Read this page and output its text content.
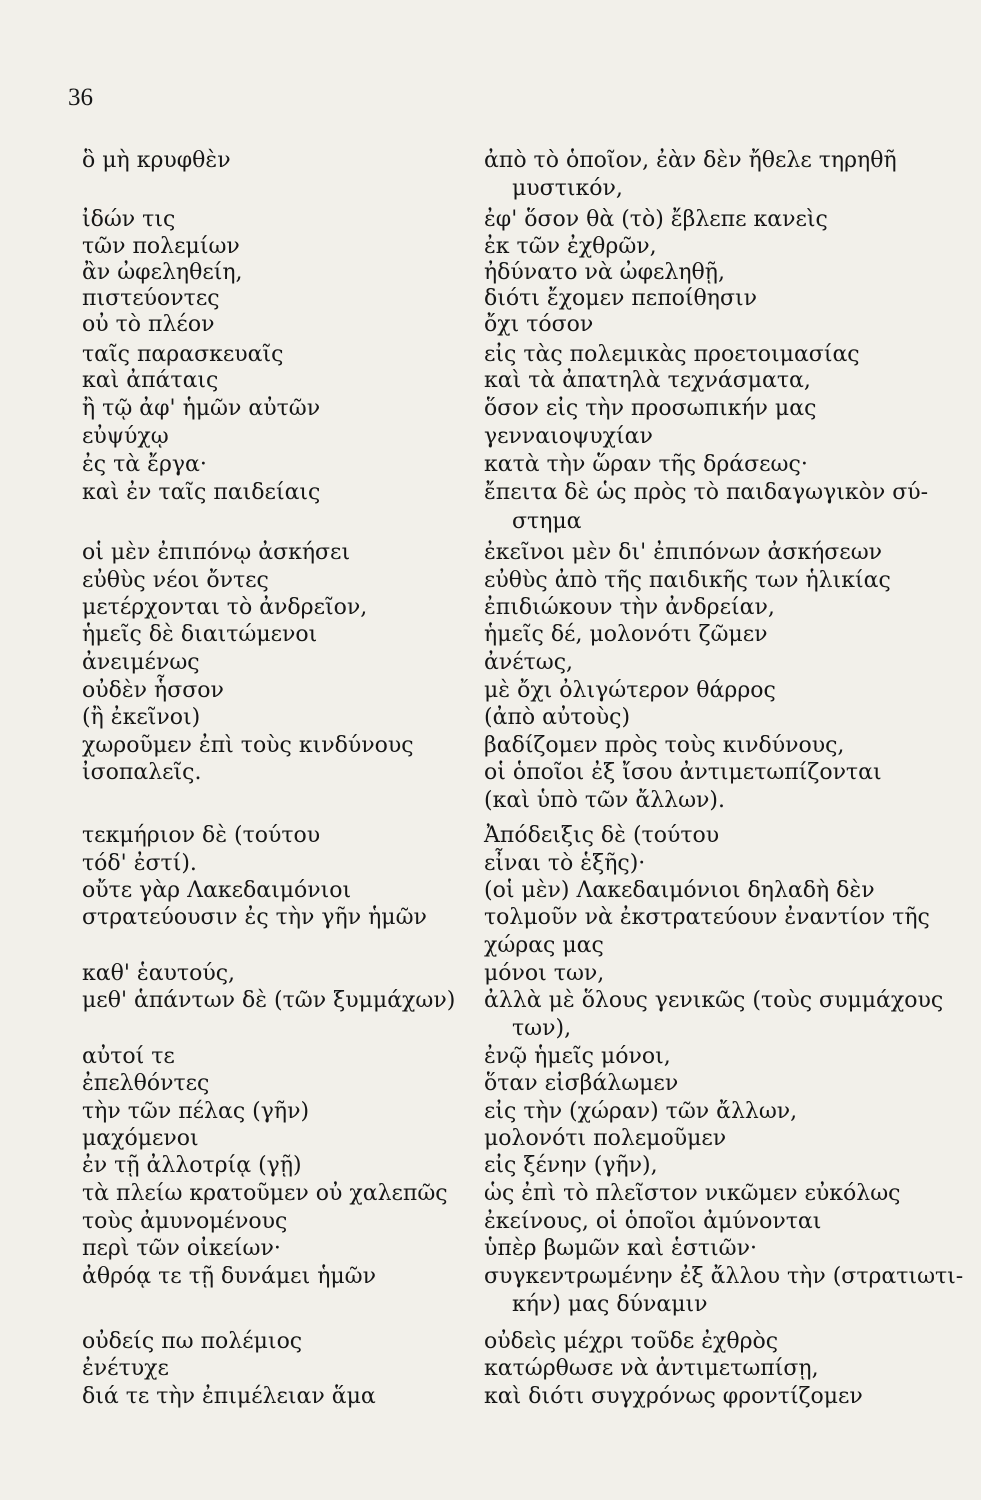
36
ὃ μὴ κρυφθὲν
ἰδών τις
τῶν πολεμίων
ἂν ὠφεληθείη,
πιστεύοντες
οὐ τὸ πλέον
ταῖς παρασκευαῖς
καὶ ἀπάταις
ἢ τῷ ἀφ' ἡμῶν αὐτῶν
εὐψύχῳ
ἐς τὰ ἔργα·
καὶ ἐν ταῖς παιδείαις
οἱ μὲν ἐπιπόνῳ ἀσκήσει
εὐθὺς νέοι ὄντες
μετέρχονται τὸ ἀνδρεῖον,
ἡμεῖς δὲ διαιτώμενοι
ἀνειμένως
οὐδὲν ἧσσον
(ἢ ἐκεῖνοι)
χωροῦμεν ἐπὶ τοὺς κινδύνους
ἰσοπαλεῖς.
τεκμήριον δὲ (τούτου
τόδ' ἐστί).
οὔτε γὰρ Λακεδαιμόνιοι
στρατεύουσιν ἐς τὴν γῆν ἡμῶν
καθ' ἑαυτούς,
μεθ' ἁπάντων δὲ (τῶν ξυμμάχων)
αὐτοί τε
ἐπελθόντες
τὴν τῶν πέλας (γῆν)
μαχόμενοι
ἐν τῇ ἀλλοτρίᾳ (γῇ)
τὰ πλείω κρατοῦμεν οὐ χαλεπῶς
τοὺς ἀμυνομένους
περὶ τῶν οἰκείων·
ἀθρόᾳ τε τῇ δυνάμει ἡμῶν
οὐδείς πω πολέμιος
ἐνέτυχε
διά τε τὴν ἐπιμέλειαν ἅμα
ἀπὸ τὸ ὁποῖον, ἐὰν δὲν ἤθελε τηρηθῆ
μυστικόν,
ἐφ' ὅσον θὰ (τὸ) ἔβλεπε κανεὶς
ἐκ τῶν ἐχθρῶν,
ἠδύνατο νὰ ὠφεληθῇ,
διότι ἔχομεν πεποίθησιν
ὄχι τόσον
εἰς τὰς πολεμικὰς προετοιμασίας
καὶ τὰ ἀπατηλὰ τεχνάσματα,
ὅσον εἰς τὴν προσωπικήν μας
γενναιοψυχίαν
κατὰ τὴν ὥραν τῆς δράσεως·
ἔπειτα δὲ ὡς πρὸς τὸ παιδαγωγικὸν σύ-
στημα
ἐκεῖνοι μὲν δι' ἐπιπόνων ἀσκήσεων
εὐθὺς ἀπὸ τῆς παιδικῆς των ἡλικίας
ἐπιδιώκουν τὴν ἀνδρείαν,
ἡμεῖς δέ, μολονότι ζῶμεν
ἀνέτως,
μὲ ὄχι ὀλιγώτερον θάρρος
(ἀπὸ αὐτοὺς)
βαδίζομεν πρὸς τοὺς κινδύνους,
οἱ ὁποῖοι ἐξ ἴσου ἀντιμετωπίζονται
(καὶ ὑπὸ τῶν ἄλλων).
Ἀπόδειξις δὲ (τούτου
εἶναι τὸ ἑξῆς)·
(οἱ μὲν) Λακεδαιμόνιοι δηλαδὴ δὲν
τολμοῦν νὰ ἐκστρατεύουν ἐναντίον τῆς
χώρας μας
μόνοι των,
ἀλλὰ μὲ ὅλους γενικῶς (τοὺς συμμάχους
των),
ἐνῷ ἡμεῖς μόνοι,
ὅταν εἰσβάλωμεν
εἰς τὴν (χώραν) τῶν ἄλλων,
μολονότι πολεμοῦμεν
εἰς ξένην (γῆν),
ὡς ἐπὶ τὸ πλεῖστον νικῶμεν εὐκόλως
ἐκείνους, οἱ ὁποῖοι ἀμύνονται
ὑπὲρ βωμῶν καὶ ἑστιῶν·
συγκεντρωμένην ἐξ ἄλλου τὴν (στρατιωτι-
κήν) μας δύναμιν
οὐδεὶς μέχρι τοῦδε ἐχθρὸς
κατώρθωσε νὰ ἀντιμετωπίσῃ,
καὶ διότι συγχρόνως φροντίζομεν
